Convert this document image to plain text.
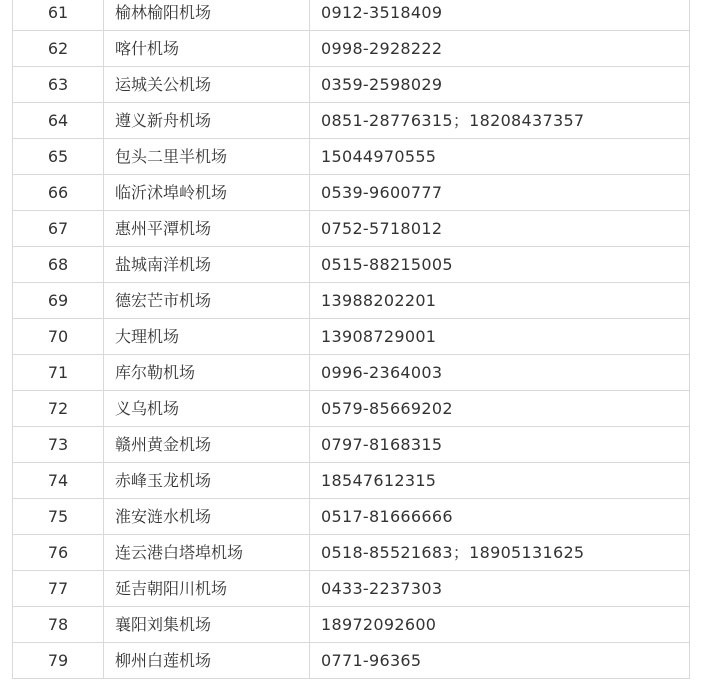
61	榆林榆阳机场	0912-3518409
62	喀什机场	0998-2928222
63	运城关公机场	0359-2598029
64	遵义新舟机场	0851-28776315；18208437357
65	包头二里半机场	15044970555
66	临沂沭埠岭机场	0539-9600777
67	惠州平潭机场	0752-5718012
68	盐城南洋机场	0515-88215005
69	德宏芒市机场	13988202201
70	大理机场	13908729001
71	库尔勒机场	0996-2364003
72	义乌机场	0579-85669202
73	赣州黄金机场	0797-8168315
74	赤峰玉龙机场	18547612315
75	淮安涟水机场	0517-81666666
76	连云港白塔埠机场	0518-85521683；18905131625
77	延吉朝阳川机场	0433-2237303
78	襄阳刘集机场	18972092600
79	柳州白莲机场	0771-96365
